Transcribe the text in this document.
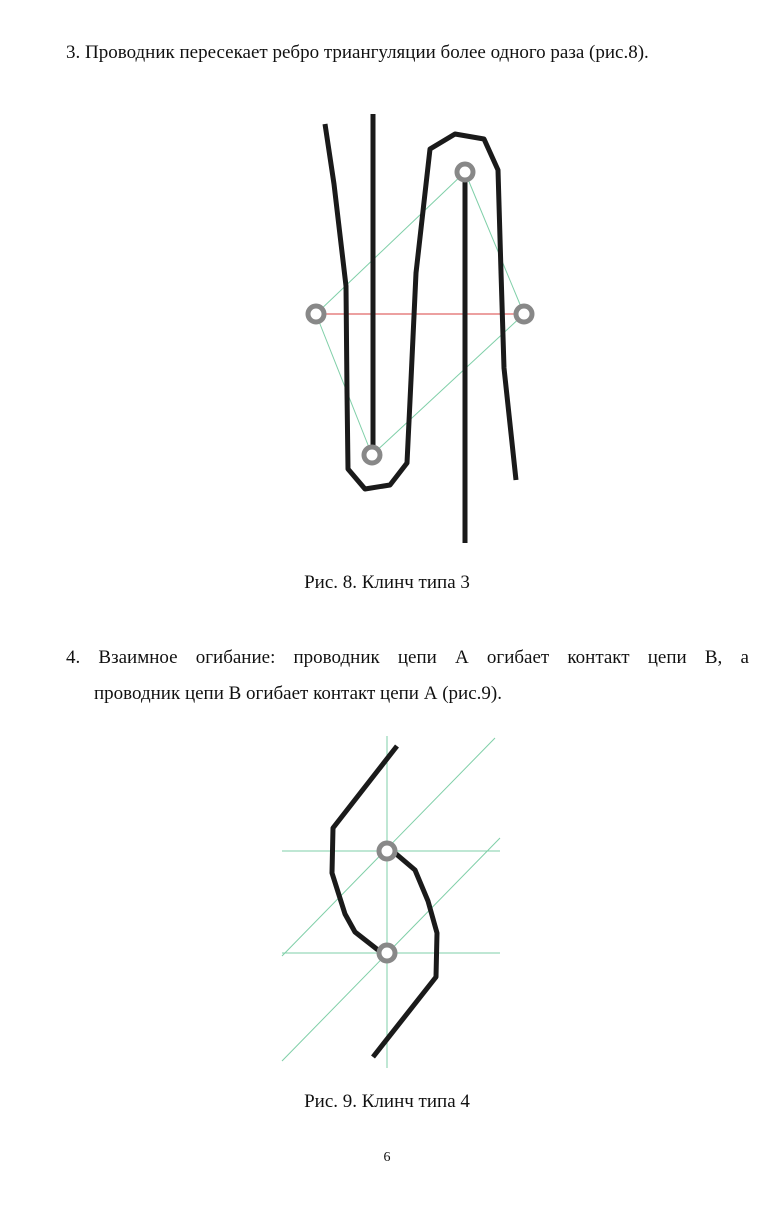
3. Проводник пересекает ребро триангуляции более одного раза (рис.8).

Рис. 8. Клинч типа 3
4. Взаимное огибание: проводник цепи А огибает контакт цепи В, а

проводник цепи В огибает контакт цепи А (рис.9).

Рис. 9. Клинч типа 4
6
